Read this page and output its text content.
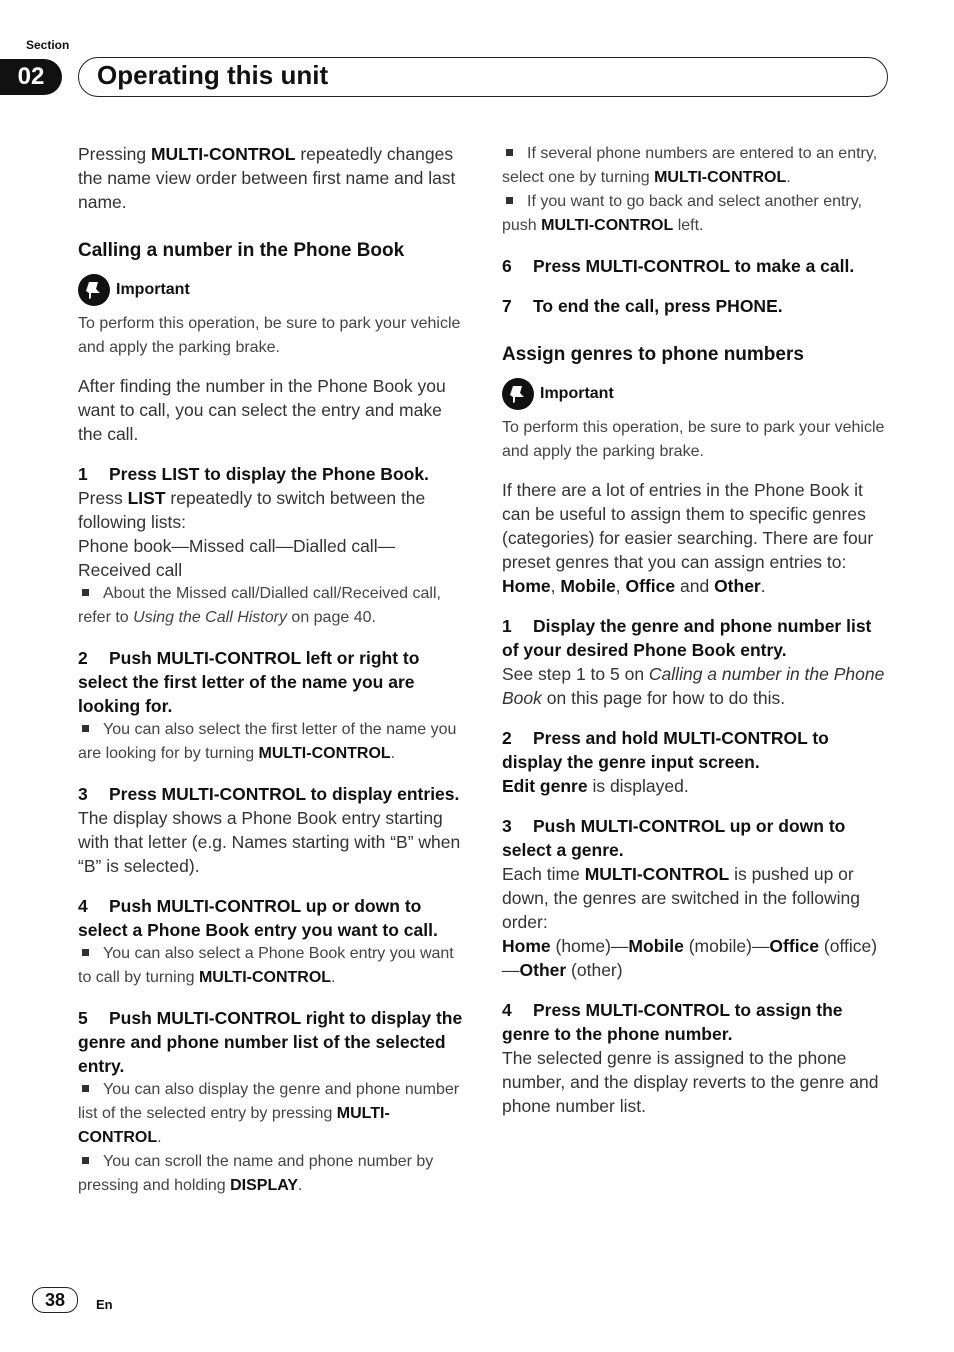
Section
02	Operating this unit

Pressing MULTI-CONTROL repeatedly changes the name view order between first name and last name.

Calling a number in the Phone Book
Important

To perform this operation, be sure to park your vehicle and apply the parking brake.

After finding the number in the Phone Book you want to call, you can select the entry and make the call.

1 Press LIST to display the Phone Book.

Press LIST repeatedly to switch between the following lists:

Phone book—Missed call—Dialled call—Received call

About the Missed call/Dialled call/Received call, refer to Using the Call History on page 40.

2 Push MULTI-CONTROL left or right to select the first letter of the name you are looking for.

You can also select the first letter of the name you are looking for by turning MULTI-CONTROL.

3 Press MULTI-CONTROL to display entries.

The display shows a Phone Book entry starting with that letter (e.g. Names starting with “B” when “B” is selected).

4 Push MULTI-CONTROL up or down to select a Phone Book entry you want to call.

You can also select a Phone Book entry you want to call by turning MULTI-CONTROL.

5 Push MULTI-CONTROL right to display the genre and phone number list of the selected entry.

You can also display the genre and phone number list of the selected entry by pressing MULTI-CONTROL.

You can scroll the name and phone number by pressing and holding DISPLAY.

If several phone numbers are entered to an entry, select one by turning MULTI-CONTROL.

If you want to go back and select another entry, push MULTI-CONTROL left.

6 Press MULTI-CONTROL to make a call.
7 To end the call, press PHONE.
Assign genres to phone numbers
Important

To perform this operation, be sure to park your vehicle and apply the parking brake.

If there are a lot of entries in the Phone Book it can be useful to assign them to specific genres (categories) for easier searching. There are four preset genres that you can assign entries to: Home, Mobile, Office and Other.

1 Display the genre and phone number list of your desired Phone Book entry.

See step 1 to 5 on Calling a number in the Phone Book on this page for how to do this.

2 Press and hold MULTI-CONTROL to display the genre input screen.

Edit genre is displayed.

3 Push MULTI-CONTROL up or down to select a genre.

Each time MULTI-CONTROL is pushed up or down, the genres are switched in the following order:

Home (home)—Mobile (mobile)—Office (office)—Other (other)

4 Press MULTI-CONTROL to assign the genre to the phone number.

The selected genre is assigned to the phone number, and the display reverts to the genre and phone number list.

38	En
